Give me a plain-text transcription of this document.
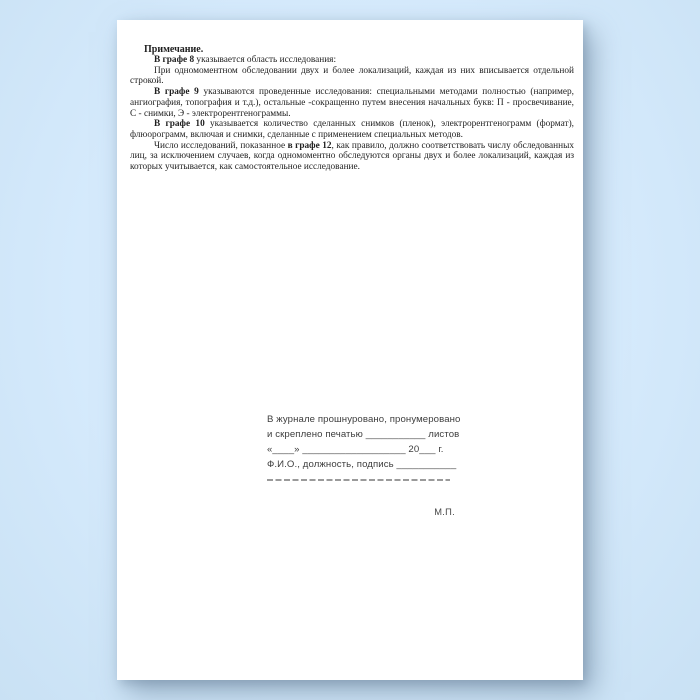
Примечание.

В графе 8 указывается область исследования:

При одномоментном обследовании двух и более локализаций, каждая из них вписывается отдельной строкой.

В графе 9 указываются проведенные исследования: специальными методами полностью (например, ангиография, топография и т.д.), остальные -сокращенно путем внесения начальных букв: П - просвечивание, С - снимки, Э - электрорентгенограммы.

В графе 10 указывается количество сделанных снимков (пленок), электрорентгенограмм (формат), флюорограмм, включая и снимки, сделанные с применением специальных методов.

Число исследований, показанное в графе 12, как правило, должно соответствовать числу обследованных лиц, за исключением случаев, когда одномоментно обследуются органы двух и более локализаций, каждая из которых учитывается, как самостоятельное исследование.

В журнале прошнуровано, пронумеровано
и скреплено печатью ___________ листов
«____» ___________________ 20___ г.
Ф.И.О., должность, подпись ___________
М.П.
